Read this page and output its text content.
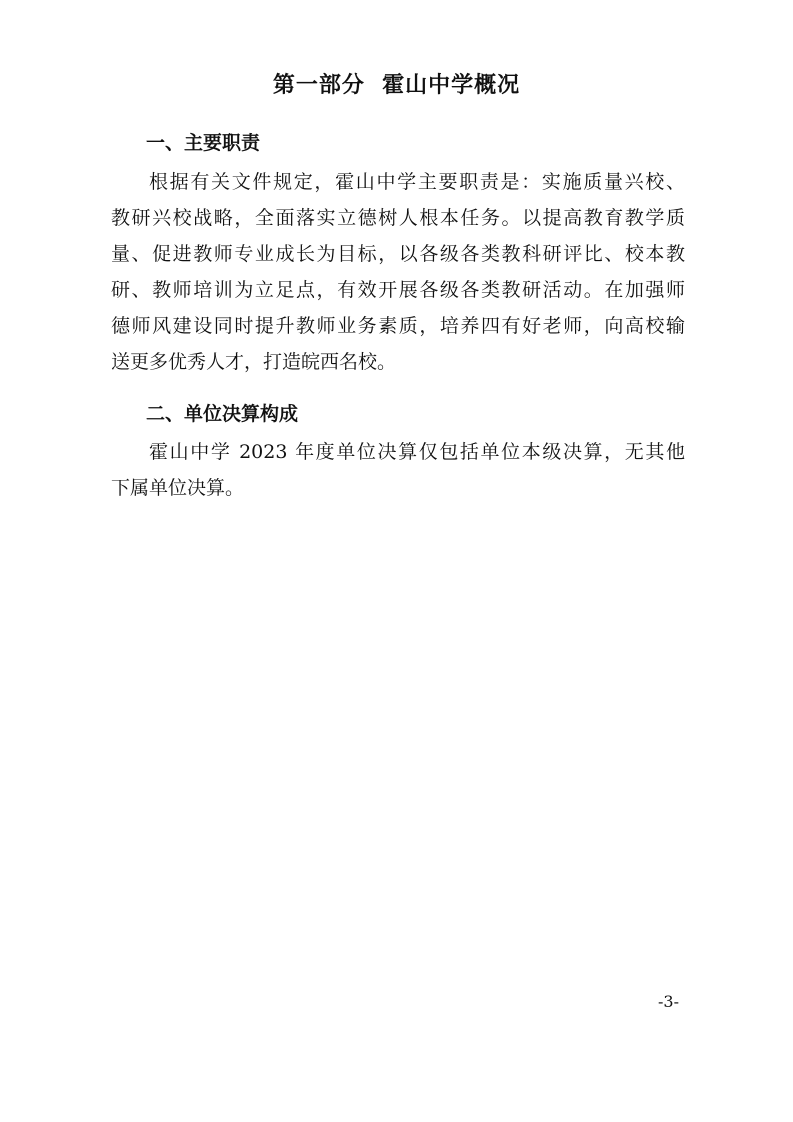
第一部分  霍山中学概况
一、主要职责
根据有关文件规定，霍山中学主要职责是：实施质量兴校、
教研兴校战略，全面落实立德树人根本任务。以提高教育教学质
量、促进教师专业成长为目标，以各级各类教科研评比、校本教
研、教师培训为立足点，有效开展各级各类教研活动。在加强师
德师风建设同时提升教师业务素质，培养四有好老师，向高校输
送更多优秀人才，打造皖西名校。
二、单位决算构成
霍山中学 2023 年度单位决算仅包括单位本级决算，无其他
下属单位决算。
-3-
